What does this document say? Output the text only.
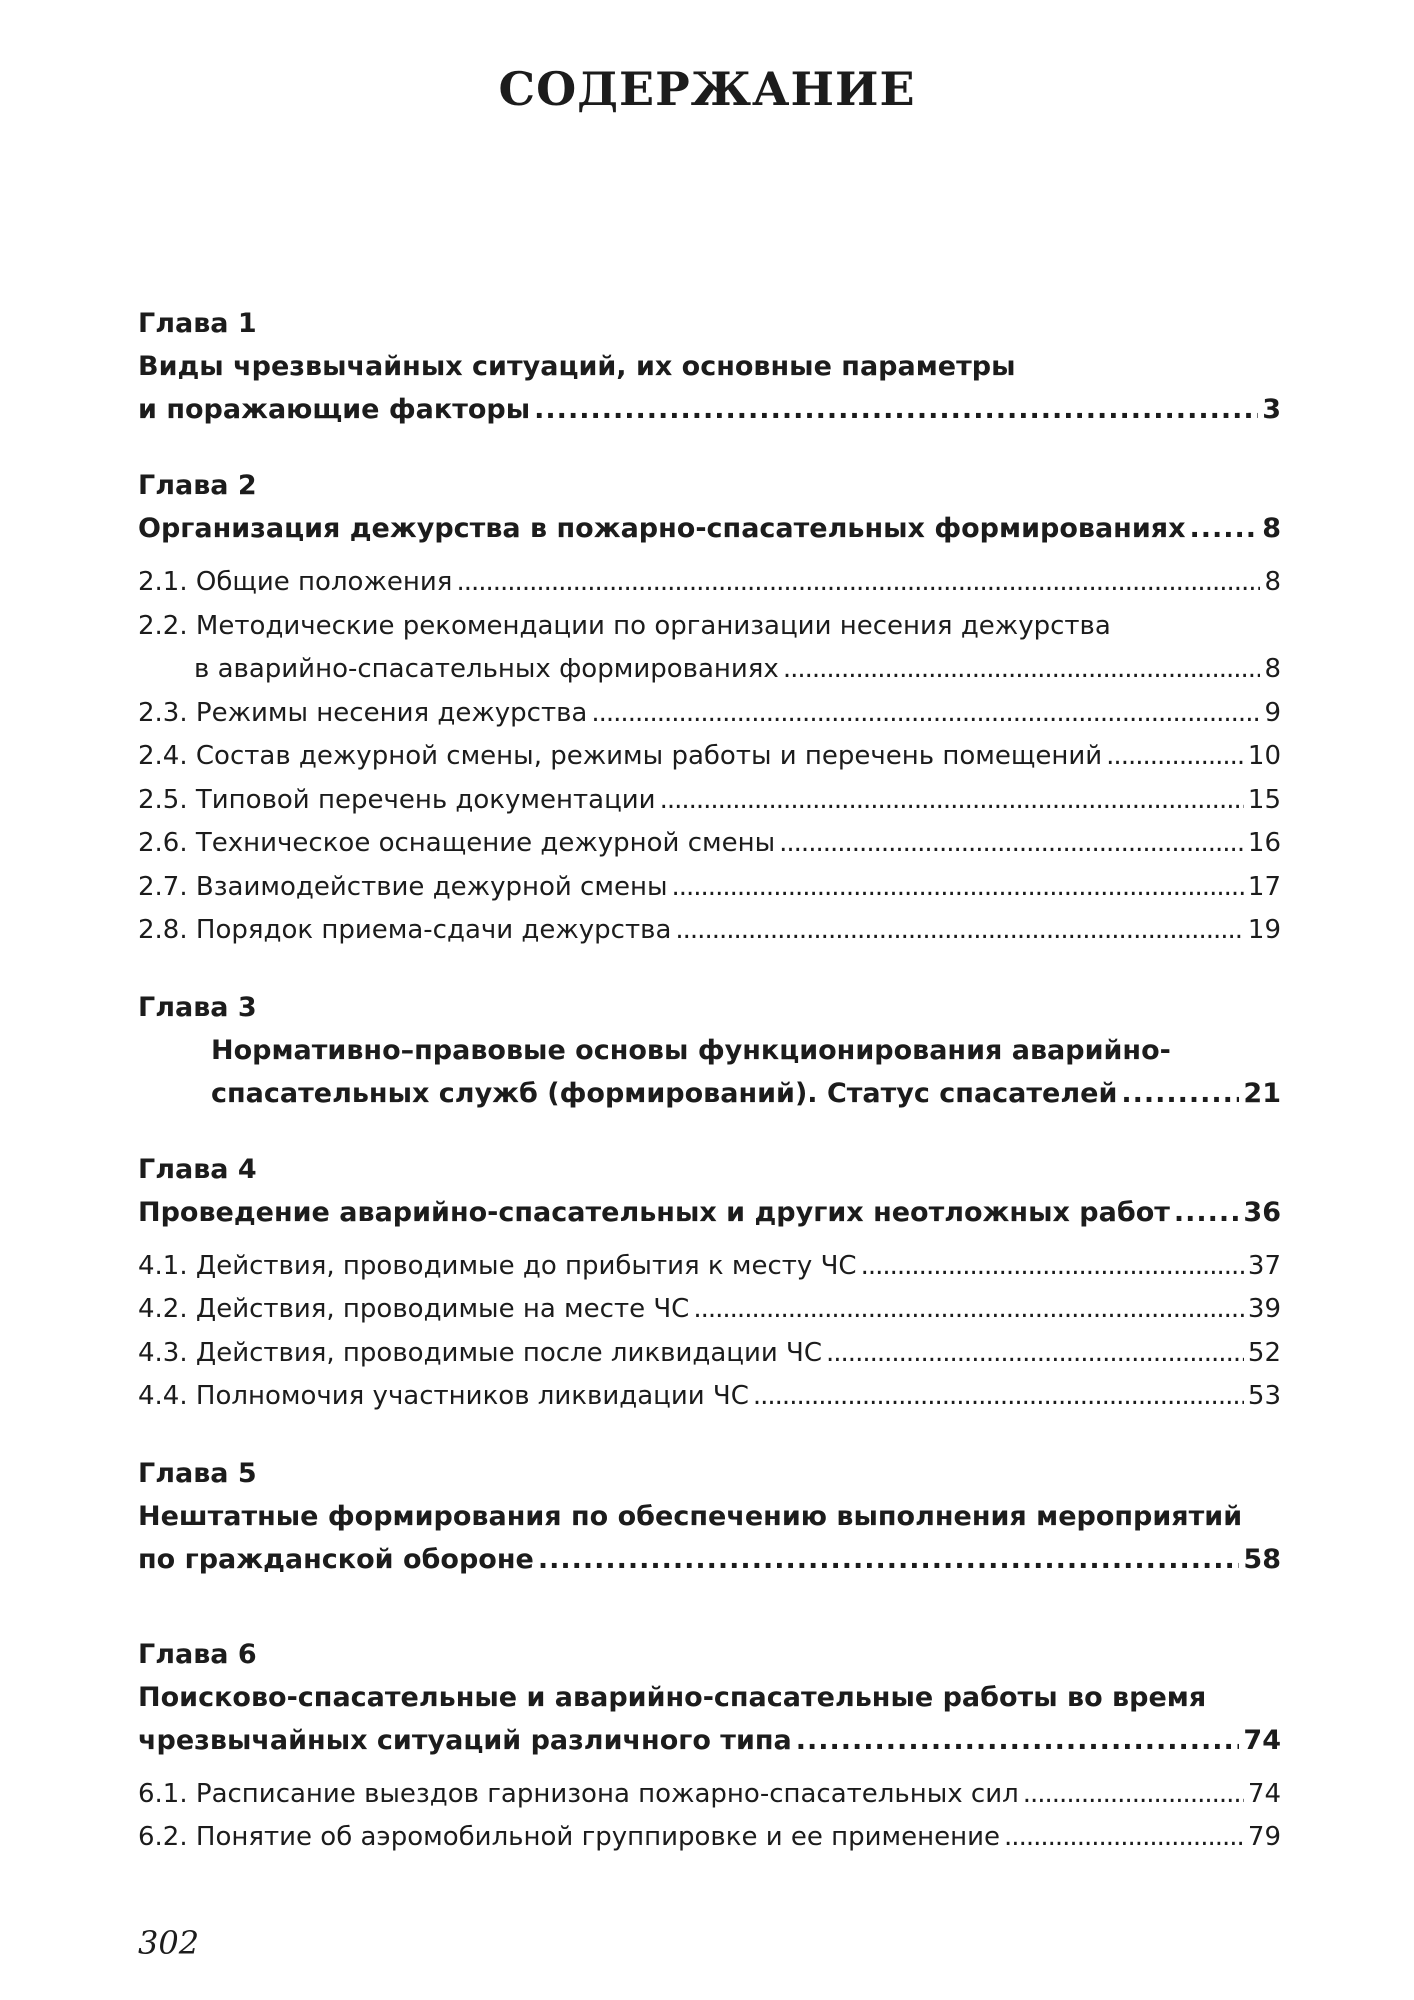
СОДЕРЖАНИЕ
Глава 1
Виды чрезвычайных ситуаций, их основные параметры
и поражающие факторы .....	3
Глава 2
Организация дежурства в пожарно-спасательных формированиях .....	8
2.1. Общие положения .....	8
2.2. Методические рекомендации по организации несения дежурства
в аварийно-спасательных формированиях .....	8
2.3. Режимы несения дежурства .....	9
2.4. Состав дежурной смены, режимы работы и перечень помещений .....	10
2.5. Типовой перечень документации .....	15
2.6. Техническое оснащение дежурной смены .....	16
2.7. Взаимодействие дежурной смены .....	17
2.8. Порядок приема-сдачи дежурства .....	19
Глава 3
Нормативно–правовые основы функционирования аварийно-
спасательных служб (формирований). Статус спасателей .....	21
Глава 4
Проведение аварийно-спасательных и других неотложных работ .....	36
4.1. Действия, проводимые до прибытия к месту ЧС .....	37
4.2. Действия, проводимые на месте ЧС .....	39
4.3. Действия, проводимые после ликвидации ЧС .....	52
4.4. Полномочия участников ликвидации ЧС .....	53
Глава 5
Нештатные формирования по обеспечению выполнения мероприятий
по гражданской обороне .....	58
Глава 6
Поисково-спасательные и аварийно-спасательные работы во время
чрезвычайных ситуаций различного типа .....	74
6.1. Расписание выездов гарнизона пожарно-спасательных сил .....	74
6.2. Понятие об аэромобильной группировке и ее применение .....	79
302
